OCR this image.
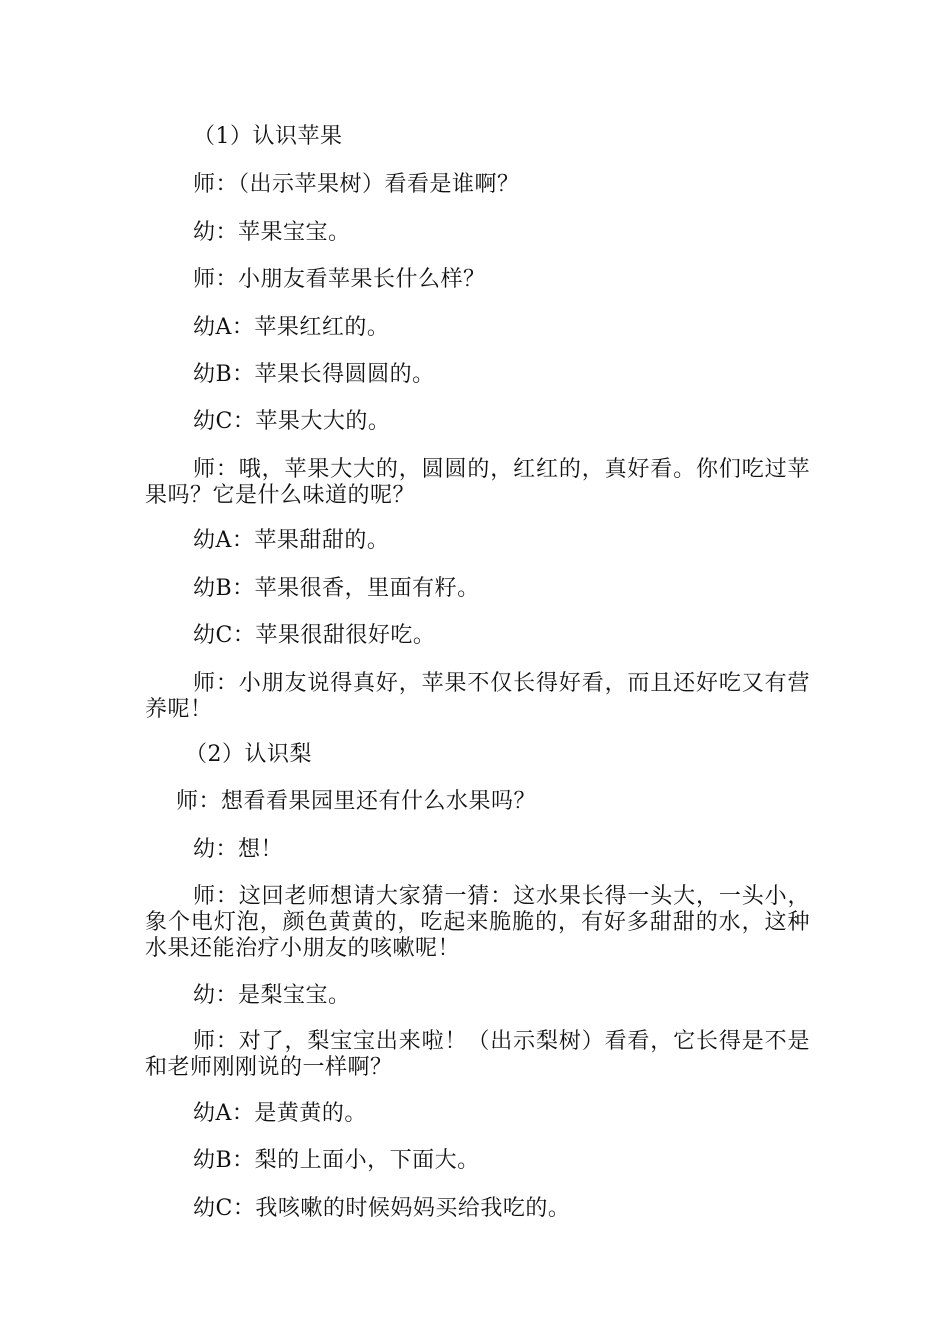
（1）认识苹果
师：（出示苹果树）看看是谁啊？
幼：苹果宝宝。
师：小朋友看苹果长什么样？
幼A：苹果红红的。
幼B：苹果长得圆圆的。
幼C：苹果大大的。
师：哦，苹果大大的，圆圆的，红红的，真好看。你们吃过苹果吗？它是什么味道的呢？
幼A：苹果甜甜的。
幼B：苹果很香，里面有籽。
幼C：苹果很甜很好吃。
师：小朋友说得真好，苹果不仅长得好看，而且还好吃又有营养呢！
（2）认识梨
师：想看看果园里还有什么水果吗？
幼：想！
师：这回老师想请大家猜一猜：这水果长得一头大，一头小，象个电灯泡，颜色黄黄的，吃起来脆脆的，有好多甜甜的水，这种水果还能治疗小朋友的咳嗽呢！
幼：是梨宝宝。
师：对了，梨宝宝出来啦！（出示梨树）看看，它长得是不是和老师刚刚说的一样啊？
幼A：是黄黄的。
幼B：梨的上面小，下面大。
幼C：我咳嗽的时候妈妈买给我吃的。
